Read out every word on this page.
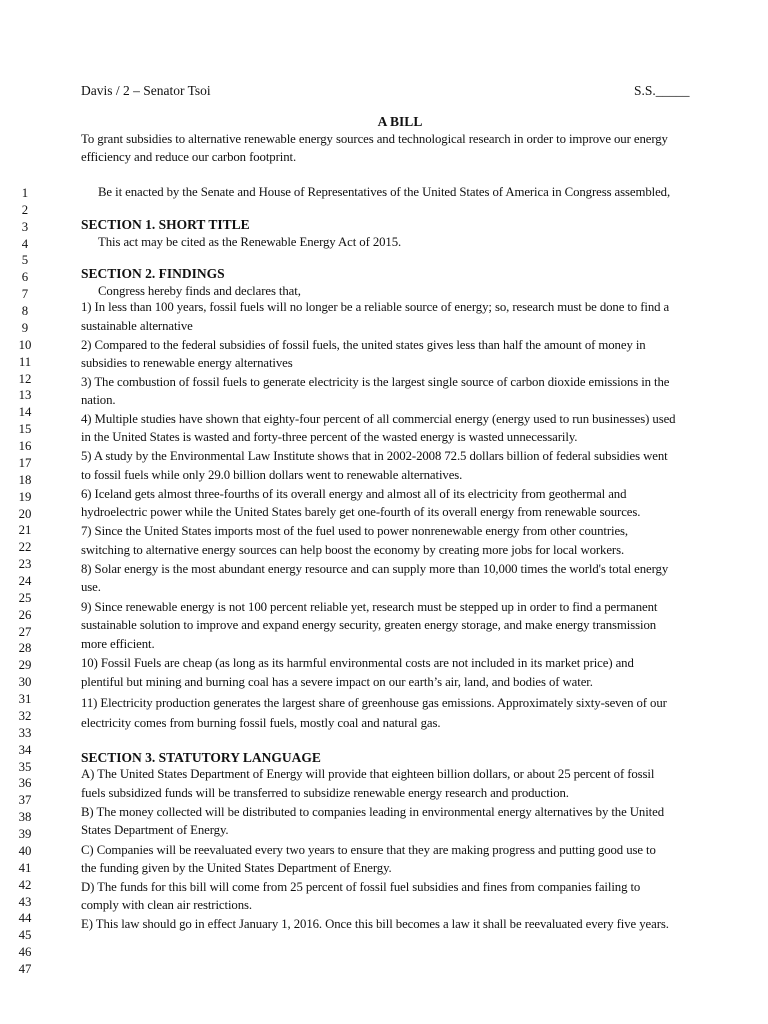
Davis / 2 – Senator Tsoi	S.S._____
A BILL
To grant subsidies to alternative renewable energy sources and technological research in order to improve our energy
efficiency and reduce our carbon footprint.
Be it enacted by the Senate and House of Representatives of the United States of America in Congress assembled,
SECTION 1. SHORT TITLE
This act may be cited as the Renewable Energy Act of 2015.
SECTION 2. FINDINGS
Congress hereby finds and declares that,
1) In less than 100 years, fossil fuels will no longer be a reliable source of energy; so, research must be done to find a
sustainable alternative
2) Compared to the federal subsidies of fossil fuels, the united states gives less than half the amount of money in
subsidies to renewable energy alternatives
3) The combustion of fossil fuels to generate electricity is the largest single source of carbon dioxide emissions in the
nation.
4) Multiple studies have shown that eighty-four percent of all commercial energy (energy used to run businesses) used
in the United States is wasted and forty-three percent of the wasted energy is wasted unnecessarily.
5) A study by the Environmental Law Institute shows that in 2002-2008 72.5 dollars billion of federal subsidies went
to fossil fuels while only 29.0 billion dollars went to renewable alternatives.
6) Iceland gets almost three-fourths of its overall energy and almost all of its electricity from geothermal and
hydroelectric power while the United States barely get one-fourth of its overall energy from renewable sources.
7) Since the United States imports most of the fuel used to power nonrenewable energy from other countries,
switching to alternative energy sources can help boost the economy by creating more jobs for local workers.
8) Solar energy is the most abundant energy resource and can supply more than 10,000 times the world's total energy
use.
9) Since renewable energy is not 100 percent reliable yet, research must be stepped up in order to find a permanent
sustainable solution to improve and expand energy security, greaten energy storage, and make energy transmission
more efficient.
10) Fossil Fuels are cheap (as long as its harmful environmental costs are not included in its market price) and
plentiful but mining and burning coal has a severe impact on our earth’s air, land, and bodies of water.
11) Electricity production generates the largest share of greenhouse gas emissions. Approximately sixty-seven of our
electricity comes from burning fossil fuels, mostly coal and natural gas.
SECTION 3. STATUTORY LANGUAGE
A) The United States Department of Energy will provide that eighteen billion dollars, or about 25 percent of fossil
fuels subsidized funds will be transferred to subsidize renewable energy research and production.
B) The money collected will be distributed to companies leading in environmental energy alternatives by the United
States Department of Energy.
C) Companies will be reevaluated every two years to ensure that they are making progress and putting good use to
the funding given by the United States Department of Energy.
D) The funds for this bill will come from 25 percent of fossil fuel subsidies and fines from companies failing to
comply with clean air restrictions.
E) This law should go in effect January 1, 2016. Once this bill becomes a law it shall be reevaluated every five years.
1
2
3
4
5
6
7
8
9
10
11
12
13
14
15
16
17
18
19
20
21
22
23
24
25
26
27
28
29
30
31
32
33
34
35
36
37
38
39
40
41
42
43
44
45
46
47
